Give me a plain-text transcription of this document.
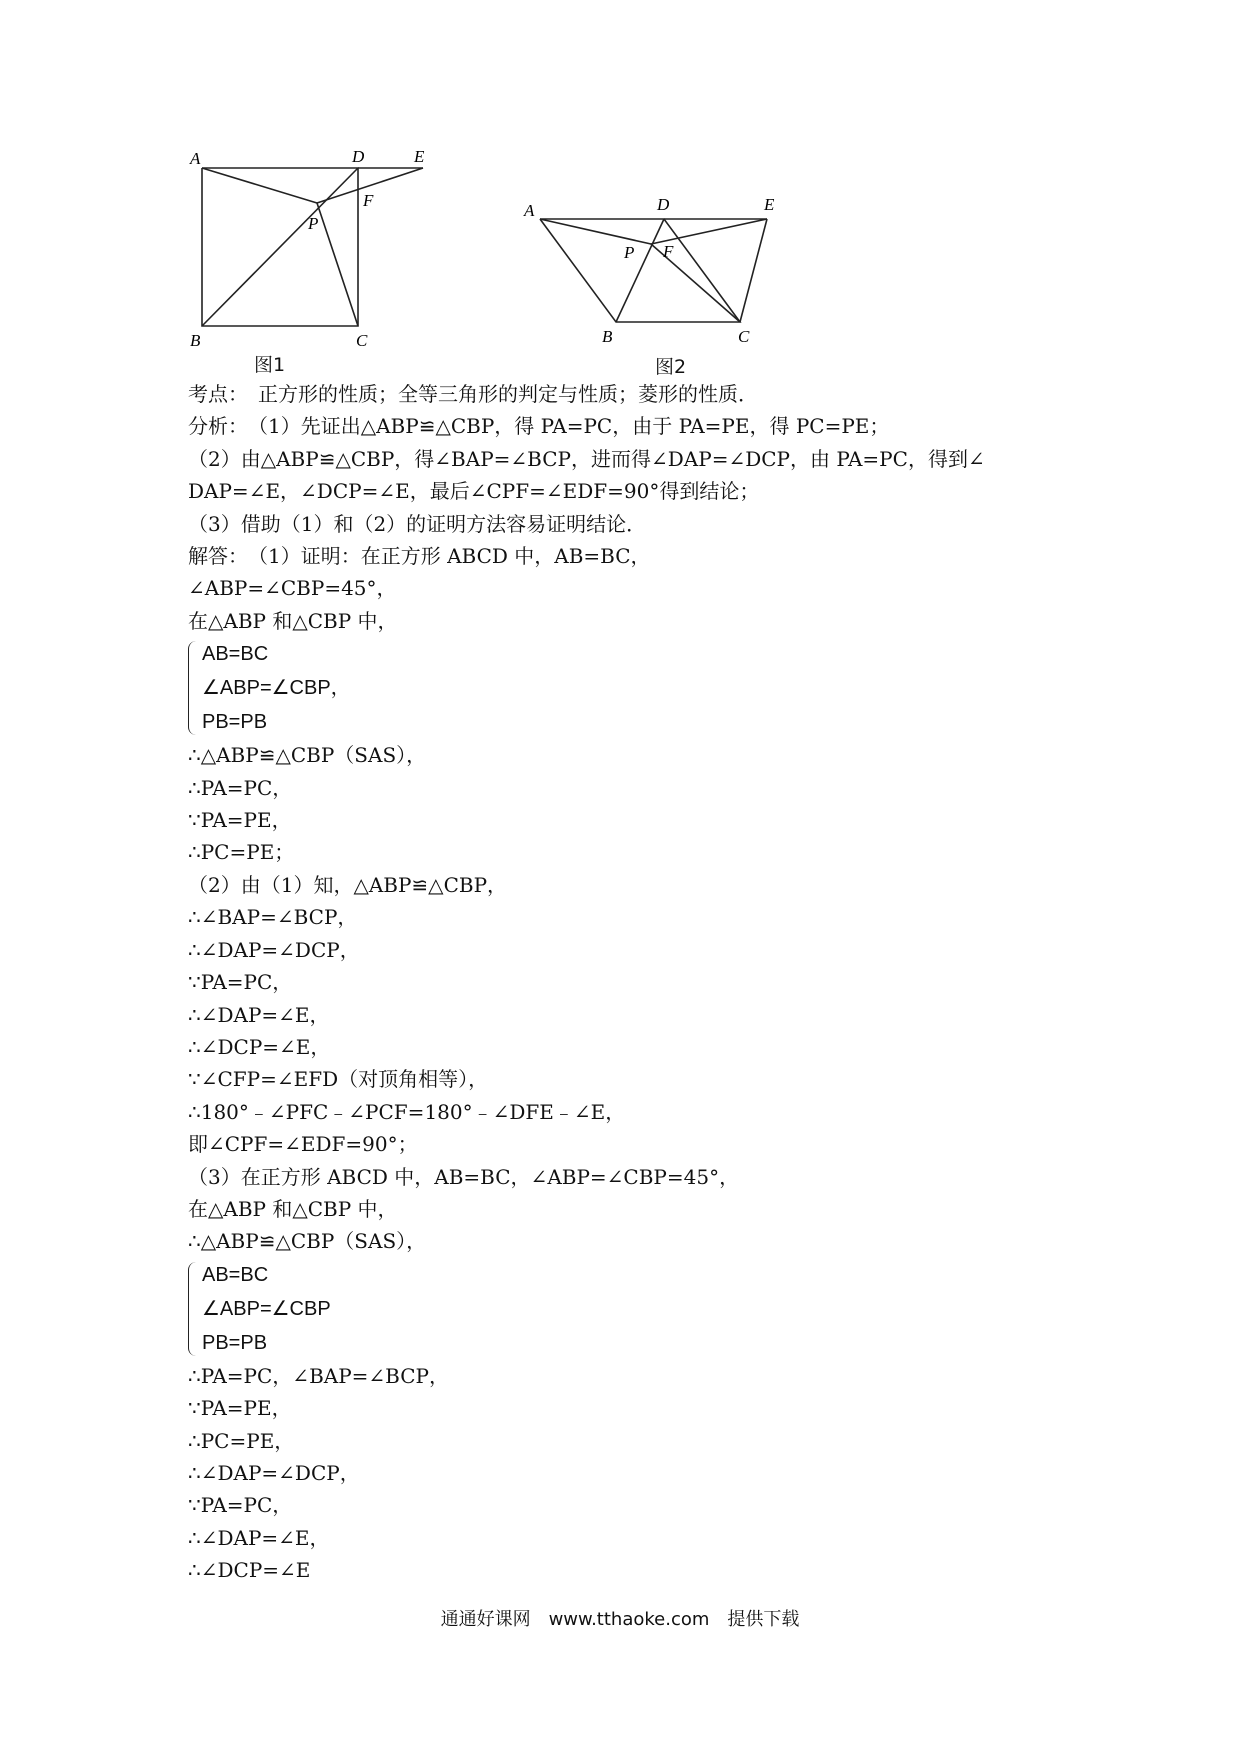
A
B	C
D	E
F
P
图1
A
B	C
D	E
F
P
图2
考点：　正方形的性质；全等三角形的判定与性质；菱形的性质．
分析：　（1）先证出△ABP≌△CBP，得 PA=PC，由于 PA=PE，得 PC=PE；
（2）由△ABP≌△CBP，得∠BAP=∠BCP，进而得∠DAP=∠DCP，由 PA=PC，得到∠
DAP=∠E，∠DCP=∠E，最后∠CPF=∠EDF=90°得到结论；
（3）借助（1）和（2）的证明方法容易证明结论．
解答：　（1）证明：在正方形 ABCD 中，AB=BC，
∠ABP=∠CBP=45°，
在△ABP 和△CBP 中，
AB=BC
∠ABP=∠CBP，
PB=PB
∴△ABP≌△CBP（SAS），
∴PA=PC，
∵PA=PE，
∴PC=PE；
（2）由（1）知，△ABP≌△CBP，
∴∠BAP=∠BCP，
∴∠DAP=∠DCP，
∵PA=PC，
∴∠DAP=∠E，
∴∠DCP=∠E，
∵∠CFP=∠EFD（对顶角相等），
∴180°﹣∠PFC﹣∠PCF=180°﹣∠DFE﹣∠E，
即∠CPF=∠EDF=90°；
（3）在正方形 ABCD 中，AB=BC，∠ABP=∠CBP=45°，
在△ABP 和△CBP 中，
∴△ABP≌△CBP（SAS），
AB=BC
∠ABP=∠CBP
PB=PB
∴PA=PC，∠BAP=∠BCP，
∵PA=PE，
∴PC=PE，
∴∠DAP=∠DCP，
∵PA=PC，
∴∠DAP=∠E，
∴∠DCP=∠E
通通好课网　www.tthaoke.com　提供下载
